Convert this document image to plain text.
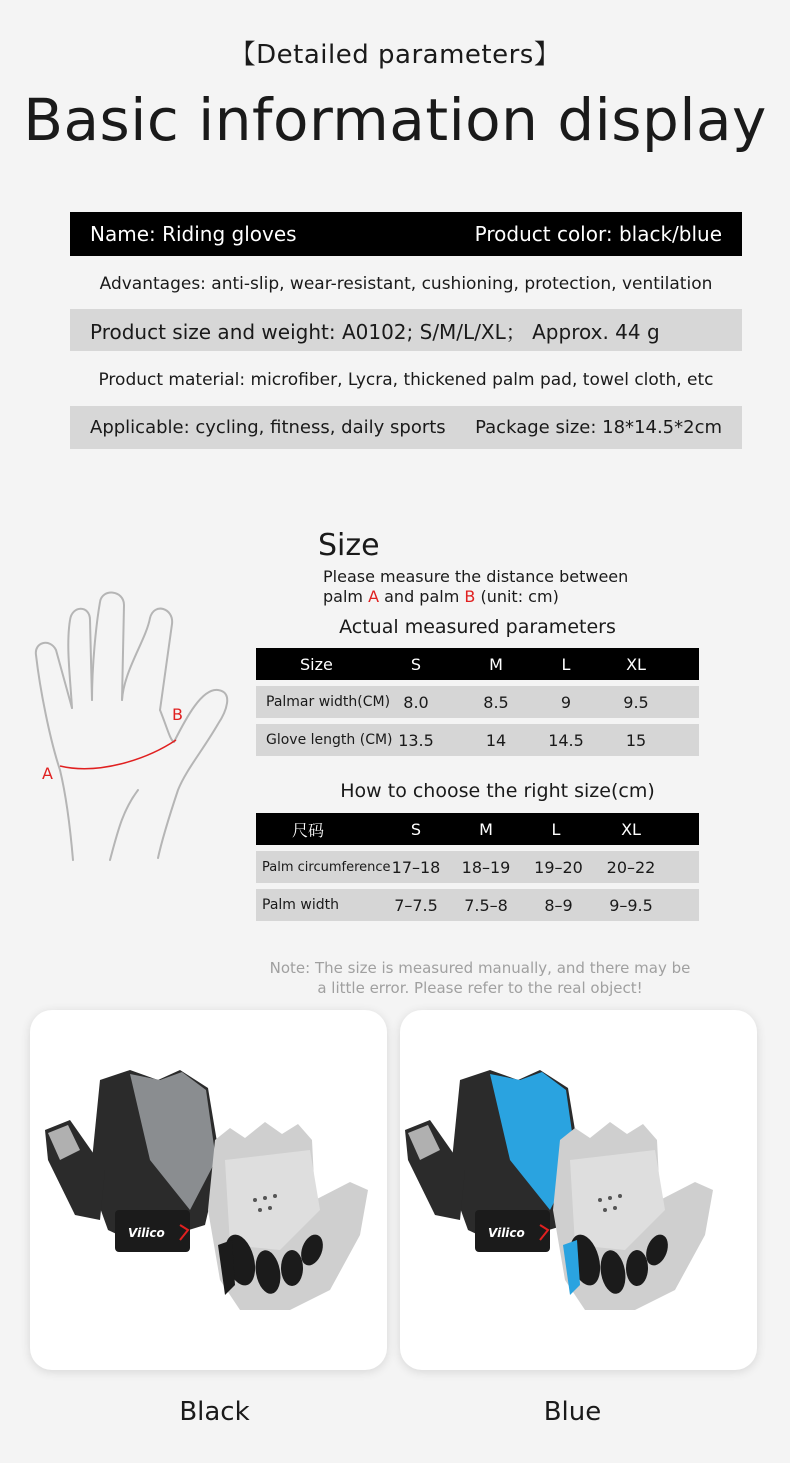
【Detailed parameters】
Basic information display
Name: Riding gloves	Product color: black/blue
Advantages: anti-slip, wear-resistant, cushioning, protection, ventilation
Product size and weight: A0102; S/M/L/XL； Approx. 44 g
Product material: microfiber, Lycra, thickened palm pad, towel cloth, etc
Applicable: cycling, fitness, daily sports Package size: 18*14.5*2cm
A
B
Size
Please measure the distance between
palm A and palm B (unit: cm)
Actual measured parameters
Size	S	M	L	XL
Palmar width(CM) 8.0	8.5	9	9.5
Glove length (CM) 13.5	14	14.5	15
How to choose the right size(cm)
尺码	S	M	L	XL
Palm circumference 17–18	18–19	19–20	20–22
Palm width	7–7.5	7.5–8	8–9	9–9.5
Note: The size is measured manually, and there may be
a little error. Please refer to the real object!
Vilico	Vilico
Black	Blue
